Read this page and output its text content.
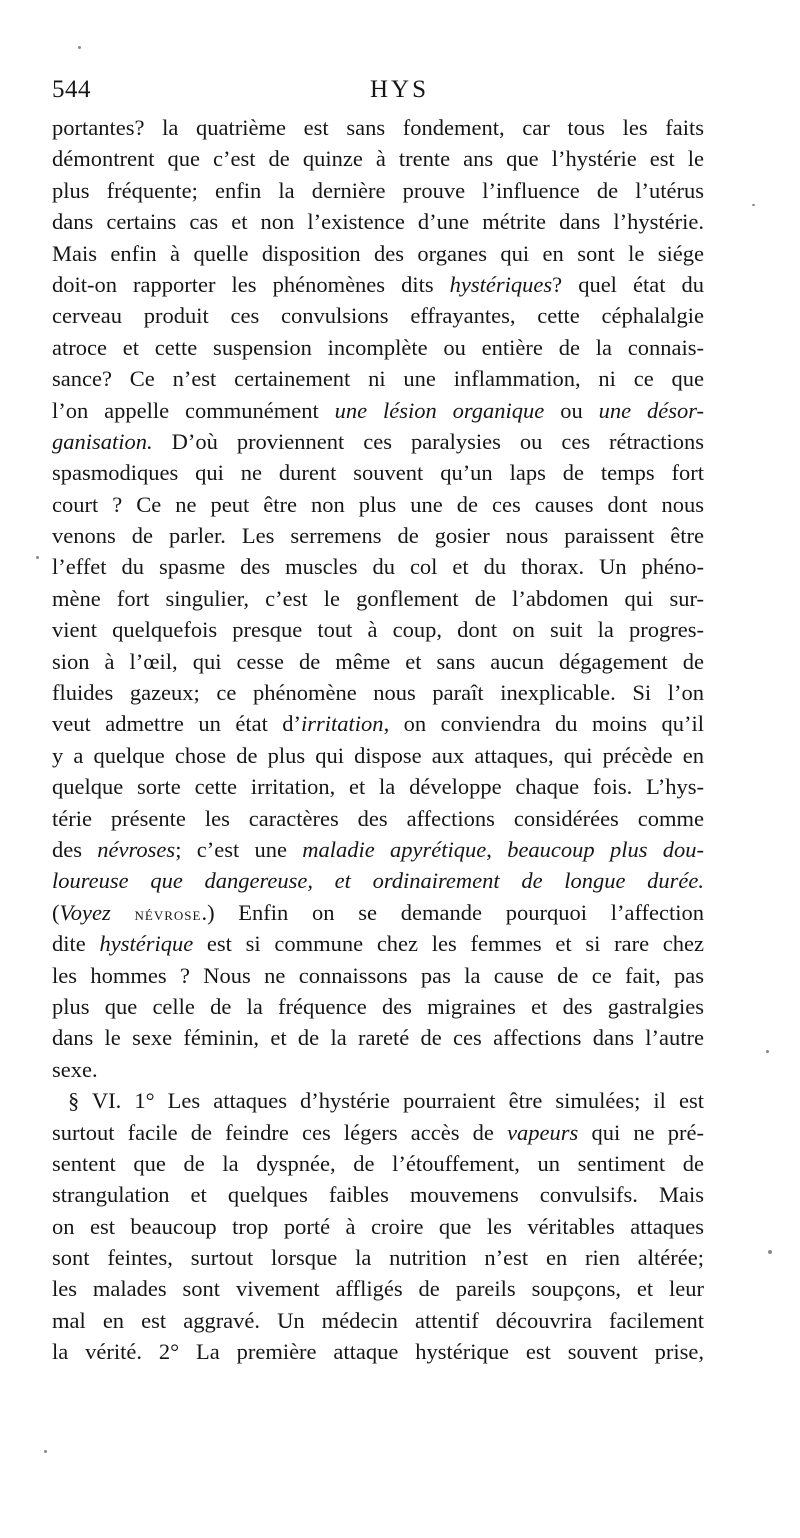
544	HYS
portantes? la quatrième est sans fondement, car tous les faits
démontrent que c’est de quinze à trente ans que l’hystérie est le
plus fréquente; enfin la dernière prouve l’influence de l’utérus
dans certains cas et non l’existence d’une métrite dans l’hystérie.
Mais enfin à quelle disposition des organes qui en sont le siége
doit-on rapporter les phénomènes dits hystériques? quel état du
cerveau produit ces convulsions effrayantes, cette céphalalgie
atroce et cette suspension incomplète ou entière de la connais-
sance? Ce n’est certainement ni une inflammation, ni ce que
l’on appelle communément une lésion organique ou une désor-
ganisation. D’où proviennent ces paralysies ou ces rétractions
spasmodiques qui ne durent souvent qu’un laps de temps fort
court ? Ce ne peut être non plus une de ces causes dont nous
venons de parler. Les serremens de gosier nous paraissent être
l’effet du spasme des muscles du col et du thorax. Un phéno-
mène fort singulier, c’est le gonflement de l’abdomen qui sur-
vient quelquefois presque tout à coup, dont on suit la progres-
sion à l’œil, qui cesse de même et sans aucun dégagement de
fluides gazeux; ce phénomène nous paraît inexplicable. Si l’on
veut admettre un état d’irritation, on conviendra du moins qu’il
y a quelque chose de plus qui dispose aux attaques, qui précède en
quelque sorte cette irritation, et la développe chaque fois. L’hys-
térie présente les caractères des affections considérées comme
des névroses; c’est une maladie apyrétique, beaucoup plus dou-
loureuse que dangereuse, et ordinairement de longue durée.
(Voyez névrose.) Enfin on se demande pourquoi l’affection
dite hystérique est si commune chez les femmes et si rare chez
les hommes ? Nous ne connaissons pas la cause de ce fait, pas
plus que celle de la fréquence des migraines et des gastralgies
dans le sexe féminin, et de la rareté de ces affections dans l’autre
sexe.
§ VI. 1° Les attaques d’hystérie pourraient être simulées; il est
surtout facile de feindre ces légers accès de vapeurs qui ne pré-
sentent que de la dyspnée, de l’étouffement, un sentiment de
strangulation et quelques faibles mouvemens convulsifs. Mais
on est beaucoup trop porté à croire que les véritables attaques
sont feintes, surtout lorsque la nutrition n’est en rien altérée;
les malades sont vivement affligés de pareils soupçons, et leur
mal en est aggravé. Un médecin attentif découvrira facilement
la vérité. 2° La première attaque hystérique est souvent prise,
